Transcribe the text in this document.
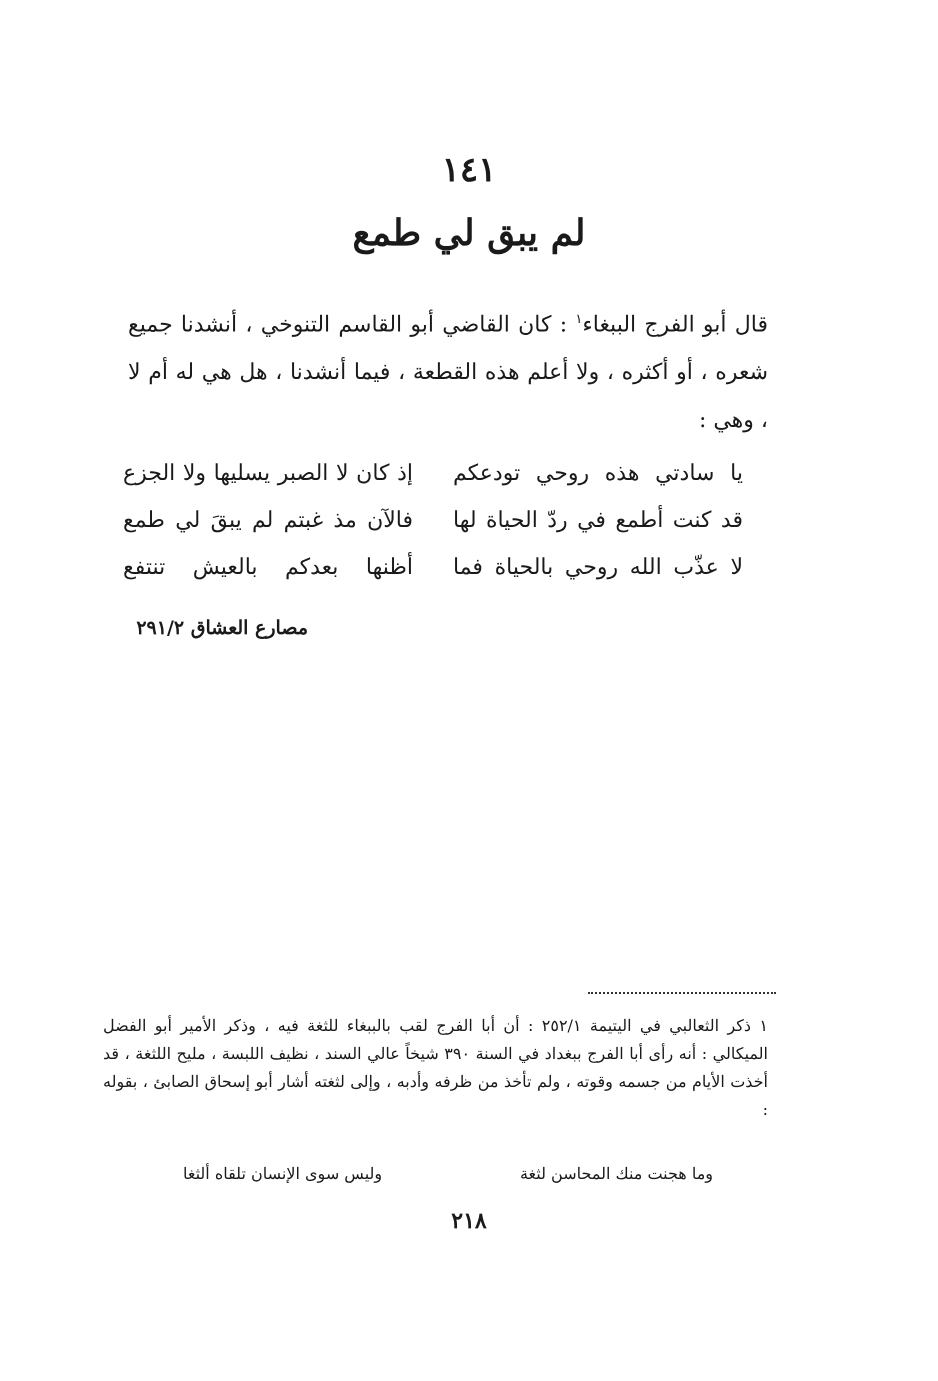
١٤١
لم يبق لي طمع
قال أبو الفرج الببغاء$^١$ : كان القاضي أبو القاسم التنوخي ، أنشدنا جميع شعره ، أو أكثره ، ولا أعلم هذه القطعة ، فيما أنشدنا ، هل هي له أم لا ، وهي :
يا سادتي هذه روحي تودعكم
إذ كان لا الصبر يسليها ولا الجزع
قد كنت أطمع في ردّ الحياة لها
فالآن مذ غبتم لم يبقَ لي طمع
لا عذّب الله روحي بالحياة فما
أظنها بعدكم بالعيش تنتفع
مصارع العشاق ٢٩١/٢
١ ذكر الثعالبي في اليتيمة ٢٥٢/١ : أن أبا الفرج لقب بالببغاء للثغة فيه ، وذكر الأمير أبو الفضل الميكالي : أنه رأى أبا الفرج ببغداد في السنة ٣٩٠ شيخاً عالي السند ، نظيف اللبسة ، مليح اللثغة ، قد أخذت الأيام من جسمه وقوته ، ولم تأخذ من ظرفه وأدبه ، وإلى لثغته أشار أبو إسحاق الصابئ ، بقوله :
وما هجنت منك المحاسن لثغة
وليس سوى الإنسان تلقاه ألثغا
٢١٨
